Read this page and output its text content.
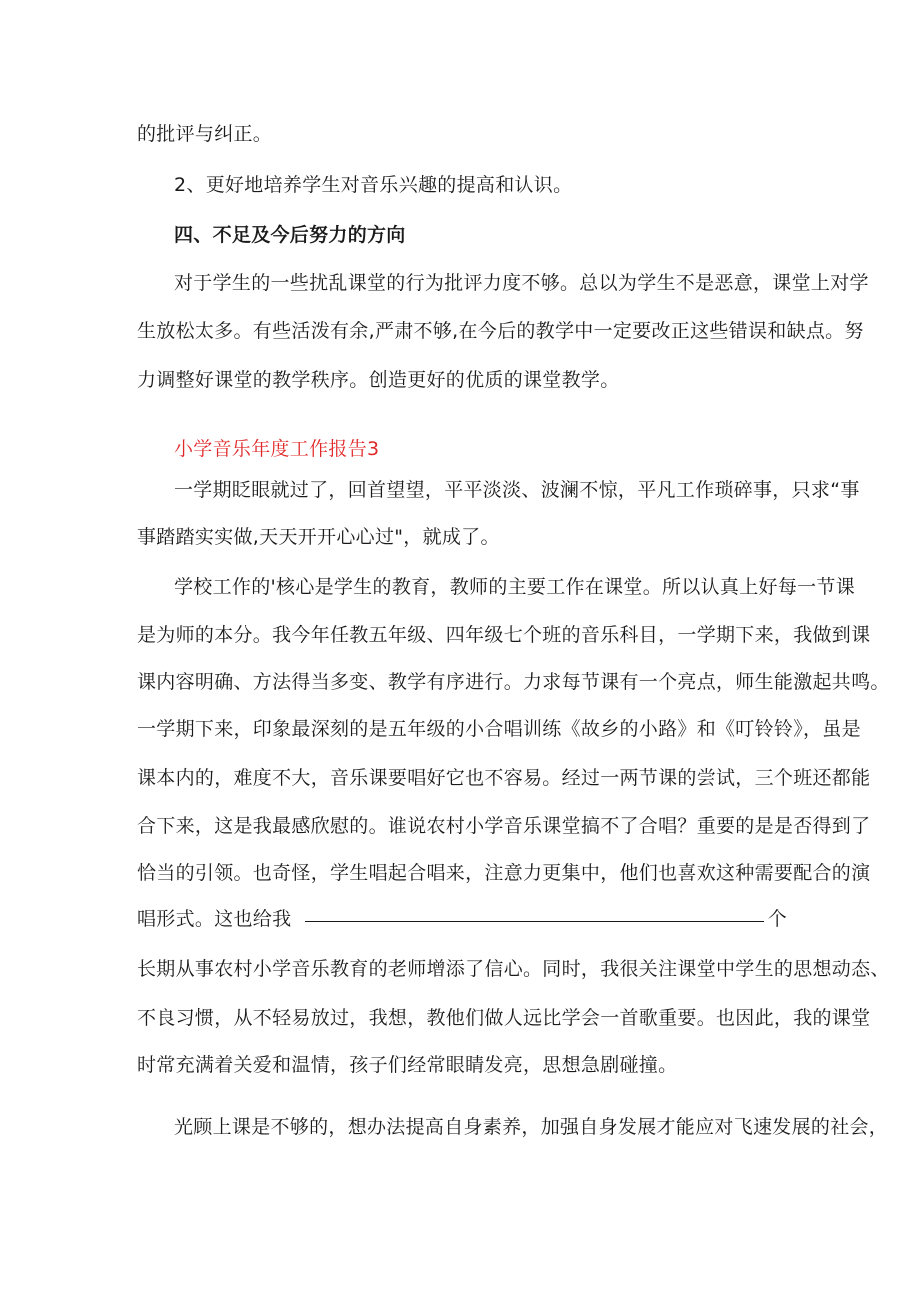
的批评与纠正。
2、更好地培养学生对音乐兴趣的提高和认识。
四、不足及今后努力的方向
对于学生的一些扰乱课堂的行为批评力度不够。总以为学生不是恶意，课堂上对学
生放松太多。有些活泼有余,严肃不够,在今后的教学中一定要改正这些错误和缺点。努
力调整好课堂的教学秩序。创造更好的优质的课堂教学。
小学音乐年度工作报告3
一学期眨眼就过了，回首望望，平平淡淡、波澜不惊，平凡工作琐碎事，只求“事
事踏踏实实做,天天开开心心过"，就成了。
学校工作的'核心是学生的教育，教师的主要工作在课堂。所以认真上好每一节课
是为师的本分。我今年任教五年级、四年级七个班的音乐科目，一学期下来，我做到课
课内容明确、方法得当多变、教学有序进行。力求每节课有一个亮点，师生能激起共鸣。
一学期下来，印象最深刻的是五年级的小合唱训练《故乡的小路》和《叮铃铃》，虽是
课本内的，难度不大，音乐课要唱好它也不容易。经过一两节课的尝试，三个班还都能
合下来，这是我最感欣慰的。谁说农村小学音乐课堂搞不了合唱？重要的是是否得到了
恰当的引领。也奇怪，学生唱起合唱来，注意力更集中，他们也喜欢这种需要配合的演
唱形式。这也给我	个
长期从事农村小学音乐教育的老师增添了信心。同时，我很关注课堂中学生的思想动态、
不良习惯，从不轻易放过，我想，教他们做人远比学会一首歌重要。也因此，我的课堂
时常充满着关爱和温情，孩子们经常眼睛发亮，思想急剧碰撞。
光顾上课是不够的，想办法提高自身素养，加强自身发展才能应对飞速发展的社会，
